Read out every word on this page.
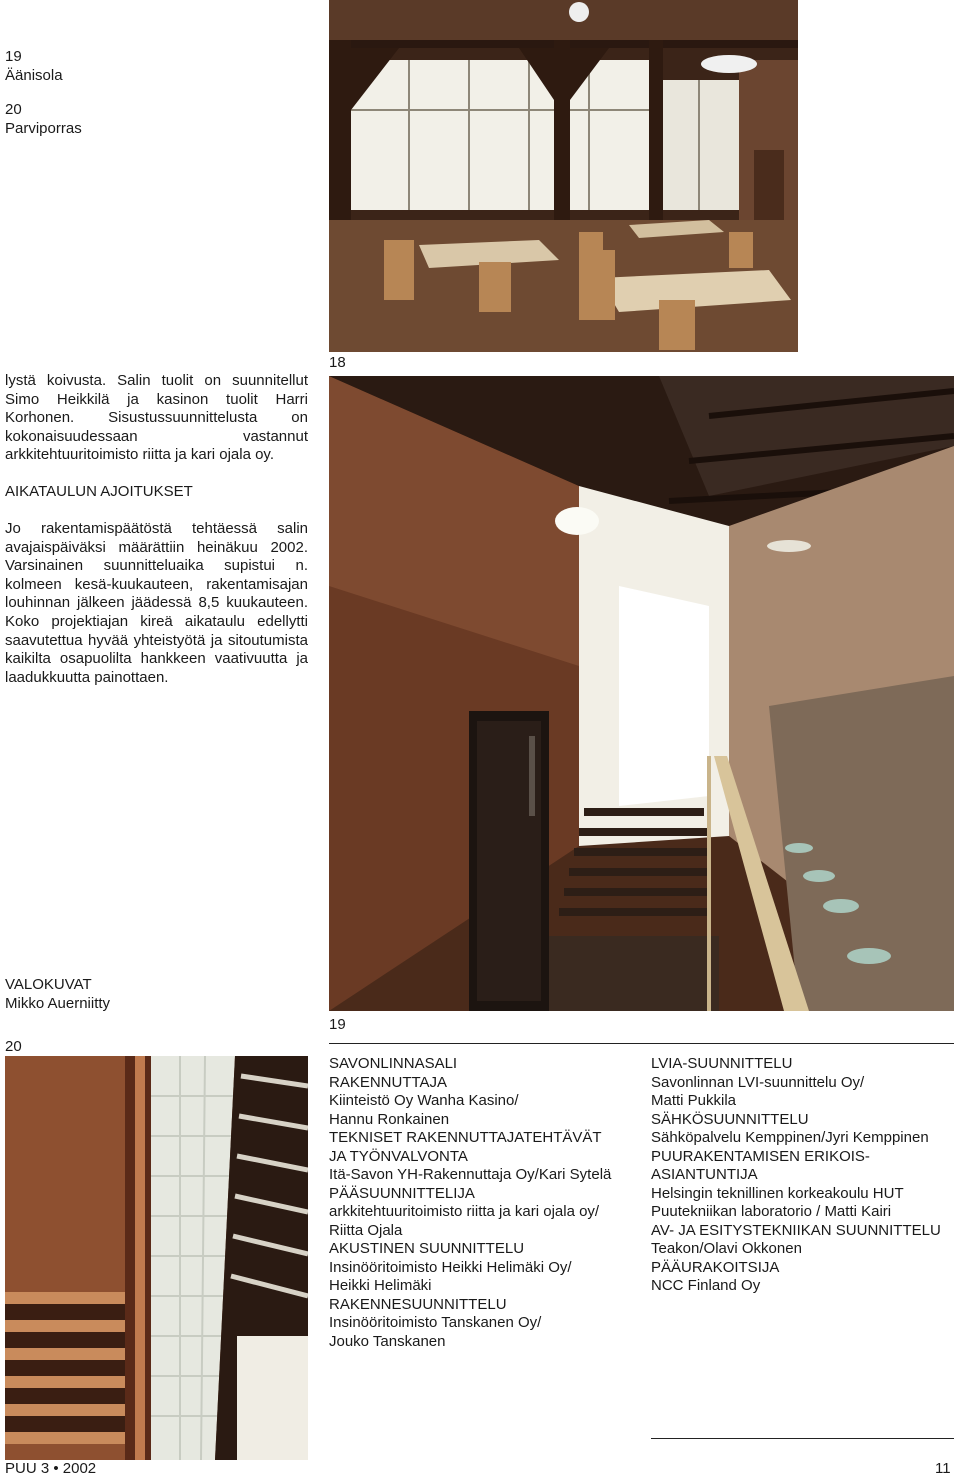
19
Äänisola
20
Parviporras
18
lystä koivusta. Salin tuolit on suunnitellut Simo Heikkilä ja kasinon tuolit Harri Korhonen. Sisustussuunnittelusta on kokonaisuudessaan vastannut arkkitehtuuritoimisto riitta ja kari ojala oy.
AIKATAULUN AJOITUKSET
Jo rakentamispäätöstä tehtäessä salin avajaispäiväksi määrättiin heinäkuu 2002. Varsinainen suunnitteluaika supistui n. kolmeen kesä-kuukauteen, rakentamisajan louhinnan jälkeen jäädessä 8,5 kuukauteen. Koko projektiajan kireä aikataulu edellytti saavutettua hyvää yhteistyötä ja sitoutumista kaikilta osapuolilta hankkeen vaativuutta ja laadukkuutta painottaen.
VALOKUVAT
Mikko Auerniitty
19
20

SAVONLINNASALI

RAKENNUTTAJA
Kiinteistö Oy Wanha Kasino/
Hannu Ronkainen

TEKNISET RAKENNUTTAJATEHTÄVÄT
JA TYÖNVALVONTA
Itä-Savon YH-Rakennuttaja Oy/Kari Sytelä

PÄÄSUUNNITTELIJA
arkkitehtuuritoimisto riitta ja kari ojala oy/
Riitta Ojala

AKUSTINEN SUUNNITTELU
Insinööritoimisto Heikki Helimäki Oy/
Heikki Helimäki

RAKENNESUUNNITTELU
Insinööritoimisto Tanskanen Oy/
Jouko Tanskanen

LVIA-SUUNNITTELU
Savonlinnan LVI-suunnittelu Oy/
Matti Pukkila

SÄHKÖSUUNNITTELU
Sähköpalvelu Kemppinen/Jyri Kemppinen

PUURAKENTAMISEN ERIKOIS-
ASIANTUNTIJA
Helsingin teknillinen korkeakoulu HUT
Puutekniikan laboratorio / Matti Kairi

AV- JA ESITYSTEKNIIKAN SUUNNITTELU
Teakon/Olavi Okkonen

PÄÄURAKOITSIJA
NCC Finland Oy

PUU 3 • 2002	11
